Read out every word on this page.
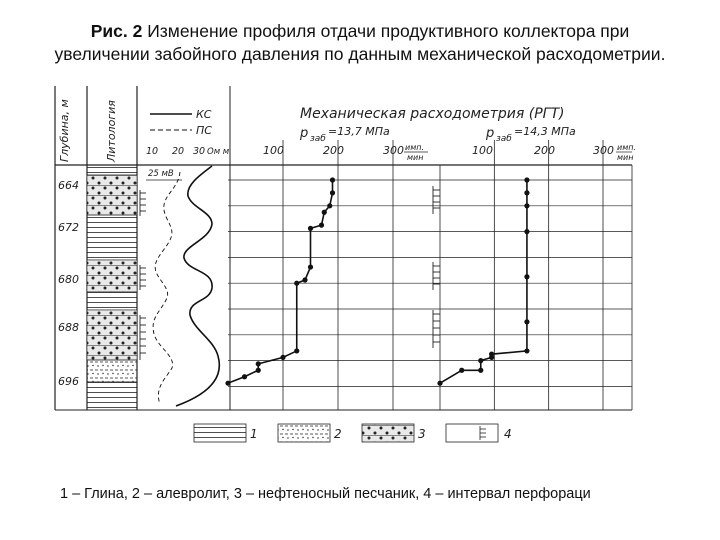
Рис. 2 Изменение профиля отдачи продуктивного коллектора при
увеличении забойного давления по данным механической расходометрии.
Глубина, м	Литология	КС
ПС
10 20 30 Ом м
25 мВ
664
672
680
688
696
Механическая расходометрия (РГТ)
p заб
=13,7 МПа	p заб
=14,3 МПа
100	200	300 имп.
мин
100	200	300 имп.
мин
1	2	3	4
1 – Глина, 2 – алевролит, 3 – нефтеносный песчаник, 4 – интервал перфораци
